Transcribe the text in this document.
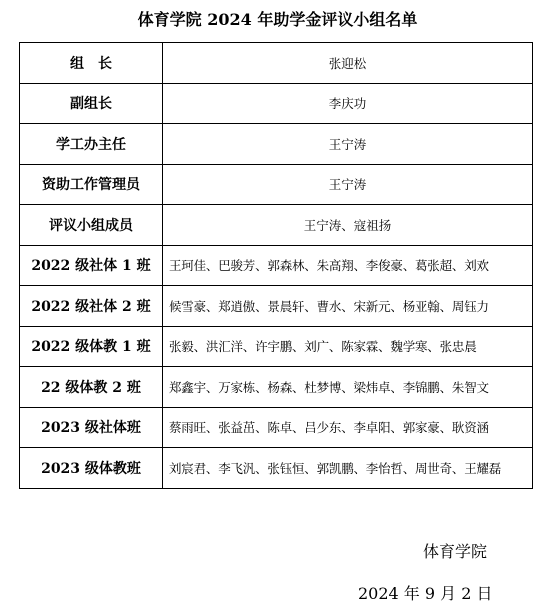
体育学院 2024 年助学金评议小组名单
组　长	张迎松
副组长	李庆功
学工办主任	王宁涛
资助工作管理员	王宁涛
评议小组成员	王宁涛、寇祖扬
2022 级社体 1 班	王珂佳、巴骏芳、郭森林、朱高翔、李俊豪、葛张超、刘欢
2022 级社体 2 班	候雪豪、郑逍傲、景晨轩、曹水、宋新元、杨亚翰、周钰力
2022 级体教 1 班	张毅、洪汇洋、许宇鹏、刘广、陈家霖、魏学寒、张忠晨
22 级体教 2 班	郑鑫宇、万家栋、杨森、杜梦博、梁炜卓、李锦鹏、朱智文
2023 级社体班	蔡雨旺、张益茁、陈卓、吕少东、李卓阳、郭家豪、耿资涵
2023 级体教班	刘宸君、李飞汎、张钰恒、郭凯鹏、李怡哲、周世奇、王耀磊
体育学院
2024 年 9 月 2 日
